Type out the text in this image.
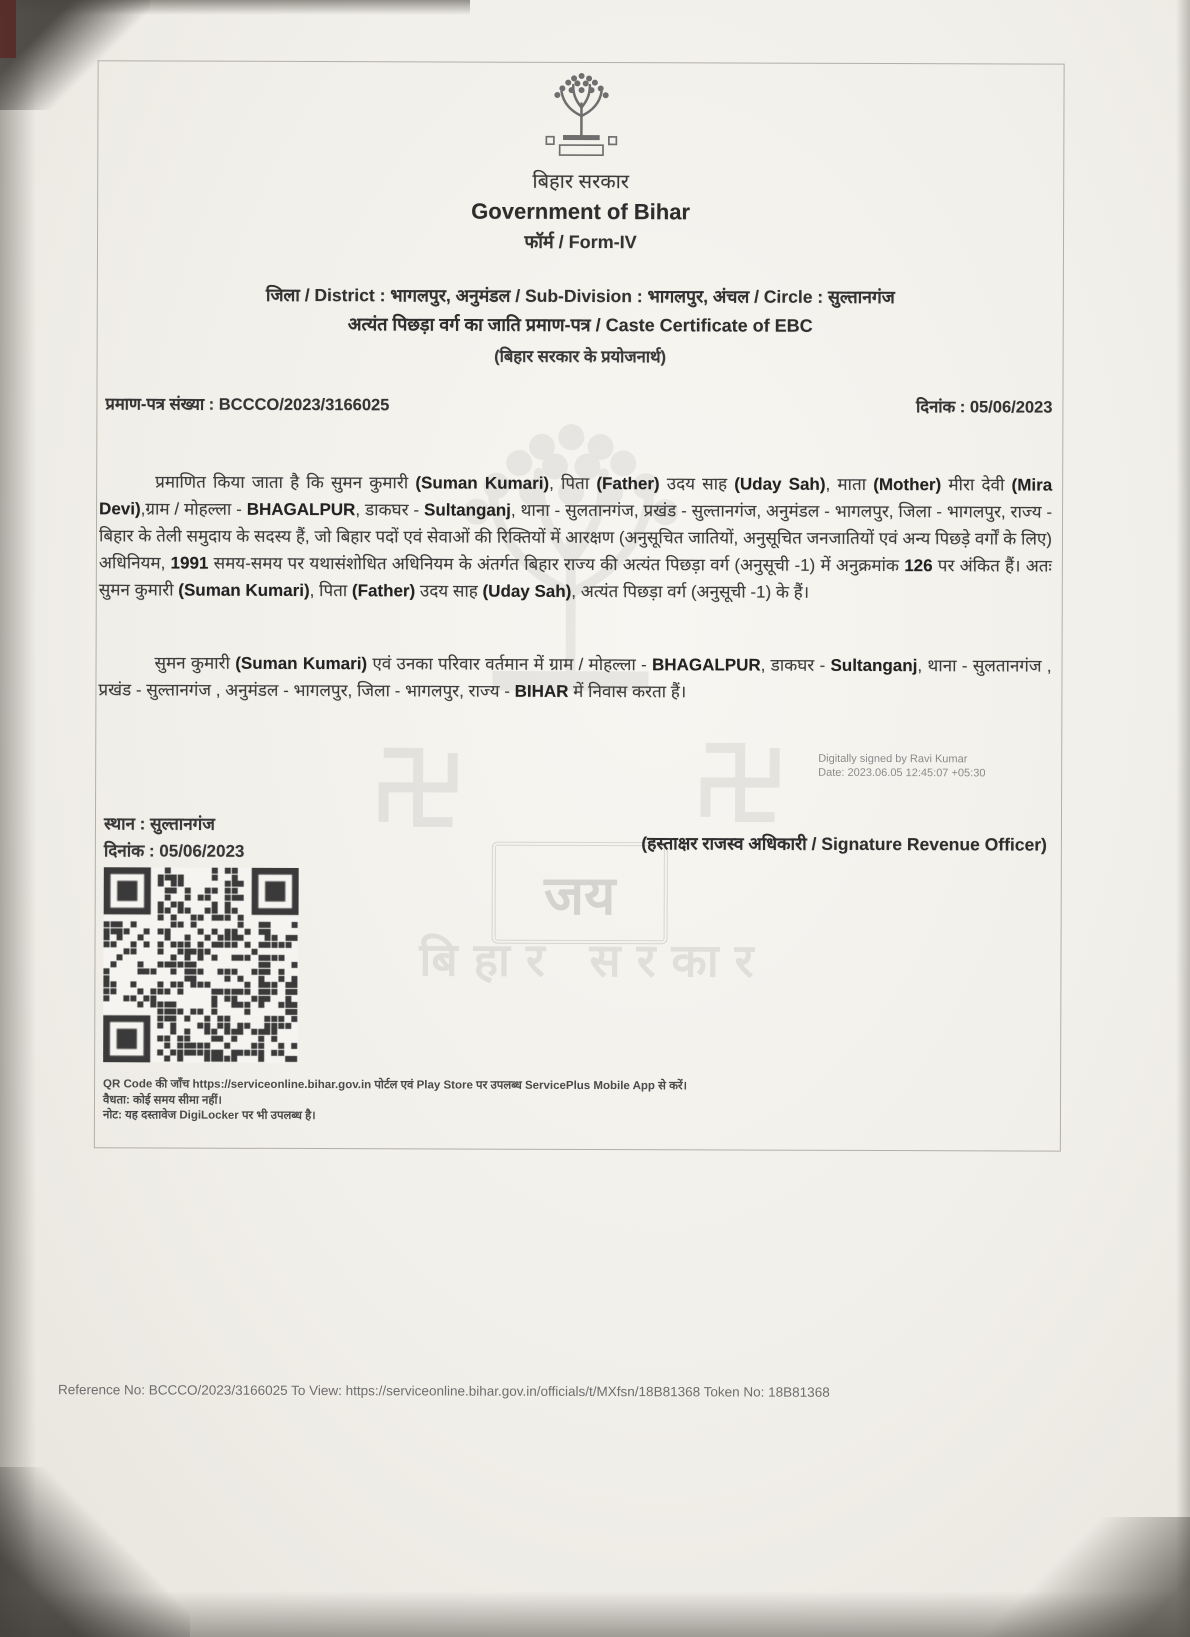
जय
बिहार सरकार
बिहार सरकार
Government of Bihar
फॉर्म / Form-IV
जिला / District : भागलपुर, अनुमंडल / Sub-Division : भागलपुर, अंचल / Circle : सुल्तानगंज
अत्यंत पिछड़ा वर्ग का जाति प्रमाण-पत्र / Caste Certificate of EBC
(बिहार सरकार के प्रयोजनार्थ)
प्रमाण-पत्र संख्या : BCCCO/2023/3166025	दिनांक : 05/06/2023

प्रमाणित किया जाता है कि सुमन कुमारी (Suman Kumari), पिता (Father) उदय साह (Uday Sah), माता (Mother) मीरा देवी (Mira Devi),ग्राम / मोहल्ला - BHAGALPUR, डाकघर - Sultanganj, थाना - सुलतानगंज, प्रखंड - सुल्तानगंज, अनुमंडल - भागलपुर, जिला - भागलपुर, राज्य - बिहार के तेली समुदाय के सदस्य हैं, जो बिहार पदों एवं सेवाओं की रिक्तियों में आरक्षण (अनुसूचित जातियों, अनुसूचित जनजातियों एवं अन्य पिछड़े वर्गों के लिए) अधिनियम, 1991 समय-समय पर यथासंशोधित अधिनियम के अंतर्गत बिहार राज्य की अत्यंत पिछड़ा वर्ग (अनुसूची -1) में अनुक्रमांक 126 पर अंकित हैं। अतः सुमन कुमारी (Suman Kumari), पिता (Father) उदय साह (Uday Sah), अत्यंत पिछड़ा वर्ग (अनुसूची -1) के हैं।

सुमन कुमारी (Suman Kumari) एवं उनका परिवार वर्तमान में ग्राम / मोहल्ला - BHAGALPUR, डाकघर - Sultanganj, थाना - सुलतानगंज , प्रखंड - सुल्तानगंज , अनुमंडल - भागलपुर, जिला - भागलपुर, राज्य - BIHAR में निवास करता हैं।

Digitally signed by Ravi Kumar
Date: 2023.06.05 12:45:07 +05:30
स्थान : सुल्तानगंज
दिनांक : 05/06/2023	(हस्ताक्षर राजस्व अधिकारी / Signature Revenue Officer)
QR Code की जाँच https://serviceonline.bihar.gov.in पोर्टल एवं Play Store पर उपलब्ध ServicePlus Mobile App से करें।
वैधता: कोई समय सीमा नहीं।
नोट: यह दस्तावेज DigiLocker पर भी उपलब्ध है।
Reference No: BCCCO/2023/3166025 To View: https://serviceonline.bihar.gov.in/officials/t/MXfsn/18B81368 Token No: 18B81368
